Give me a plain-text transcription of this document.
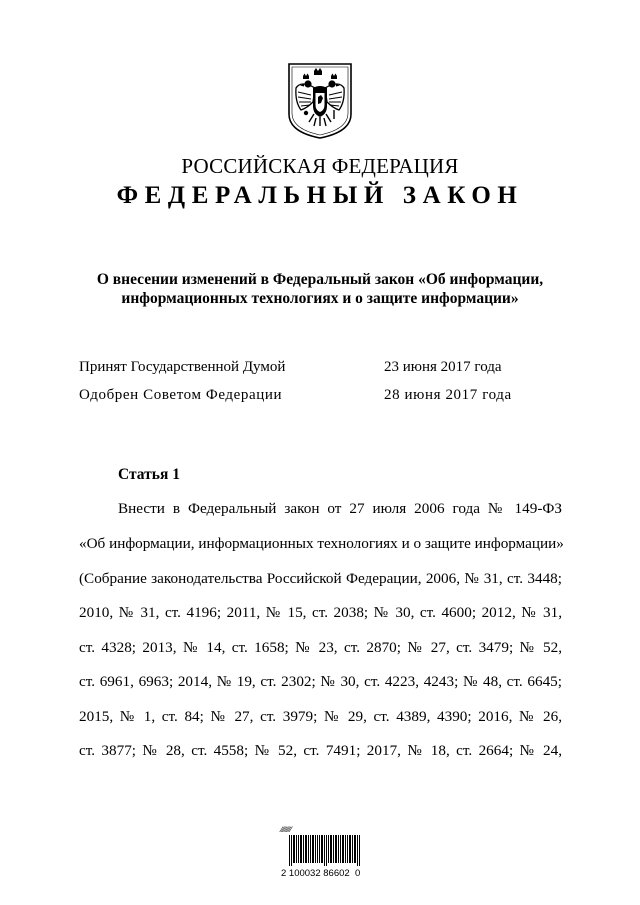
РОССИЙСКАЯ ФЕДЕРАЦИЯ
ФЕДЕРАЛЬНЫЙ ЗАКОН
О внесении изменений в Федеральный закон «Об информации,
информационных технологиях и о защите информации»
Принят Государственной Думой	23 июня 2017 года
Одобрен Советом Федерации	28 июня 2017 года
Статья 1
Внести в Федеральный закон от 27 июля 2006 года № 149-ФЗ
«Об информации, информационных технологиях и о защите информации»
(Собрание законодательства Российской Федерации, 2006, № 31, ст. 3448;
2010, № 31, ст. 4196; 2011, № 15, ст. 2038; № 30, ст. 4600; 2012, № 31,
ст. 4328; 2013, № 14, ст. 1658; № 23, ст. 2870; № 27, ст. 3479; № 52,
ст. 6961, 6963; 2014, № 19, ст. 2302; № 30, ст. 4223, 4243; № 48, ст. 6645;
2015, № 1, ст. 84; № 27, ст. 3979; № 29, ст. 4389, 4390; 2016, № 26,
ст. 3877; № 28, ст. 4558; № 52, ст. 7491; 2017, № 18, ст. 2664; № 24,
∕∕∕∕∕∕∕∕
2 100032 86602  0
